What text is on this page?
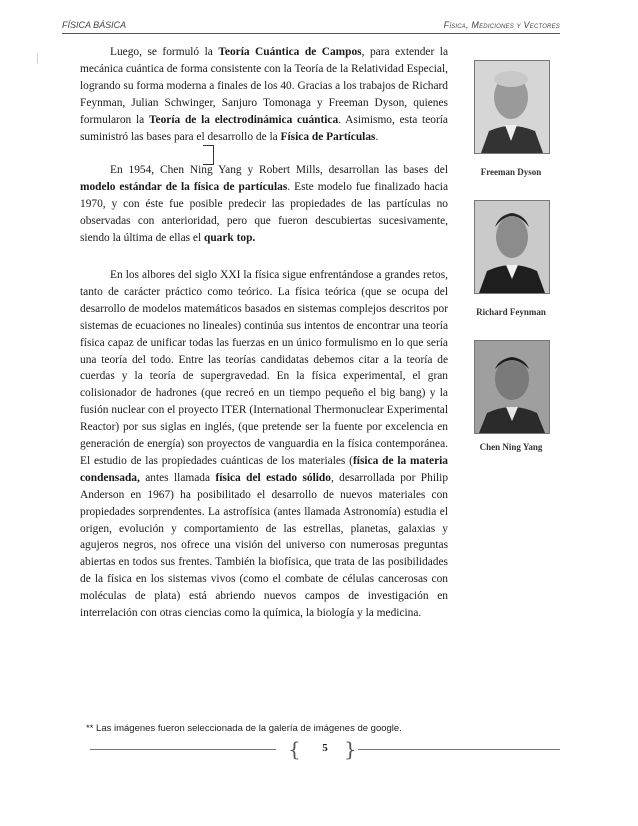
FÍSICA BÁSICA	Física, Mediciones y Vectores
/	Luego, se formuló la Teoría Cuántica de Campos, para extender la mecánica cuántica de forma consistente con la Teoría de la Relatividad Especial, logrando su forma moderna a finales de los 40. Gracias a los trabajos de Richard Feynman, Julian Schwinger, Sanjuro Tomonaga y Freeman Dyson, quienes formularon la Teoría de la electrodinámica cuántica. Asimismo, esta teoría suministró las bases para el desarrollo de la Física de Partículas.

En 1954, Chen Ning Yang y Robert Mills, desarrollan las bases del modelo estándar de la física de partículas. Este modelo fue finalizado hacia 1970, y con éste fue posible predecir las propiedades de las partículas no observadas con anterioridad, pero que fueron descubiertas sucesivamente, siendo la última de ellas el quark top.

En los albores del siglo XXI la física sigue enfrentándose a grandes retos, tanto de carácter práctico como teórico. La física teórica (que se ocupa del desarrollo de modelos matemáticos basados en sistemas complejos descritos por sistemas de ecuaciones no lineales) continúa sus intentos de encontrar una teoría física capaz de unificar todas las fuerzas en un único formulismo en lo que sería una teoría del todo. Entre las teorías candidatas debemos citar a la teoría de cuerdas y la teoría de supergravedad. En la física experimental, el gran colisionador de hadrones (que recreó en un tiempo pequeño el big bang) y la fusión nuclear con el proyecto ITER (International Thermonuclear Experimental Reactor) por sus siglas en inglés, (que pretende ser la fuente por excelencia en generación de energía) son proyectos de vanguardia en la física contemporánea. El estudio de las propiedades cuánticas de los materiales (física de la materia condensada, antes llamada física del estado sólido, desarrollada por Philip Anderson en 1967) ha posibilitado el desarrollo de nuevos materiales con propiedades sorprendentes. La astrofísica (antes llamada Astronomía) estudia el origen, evolución y comportamiento de las estrellas, planetas, galaxias y agujeros negros, nos ofrece una visión del universo con numerosas preguntas abiertas en todos sus frentes. También la biofísica, que trata de las posibilidades de la física en los sistemas vivos (como el combate de células cancerosas con moléculas de plata) está abriendo nuevos campos de investigación en interrelación con otras ciencias como la química, la biología y la medicina.

Freeman Dyson
Richard Feynman
Chen Ning Yang
** Las imágenes fueron seleccionada de la galería de imágenes de google.
{	5 }
